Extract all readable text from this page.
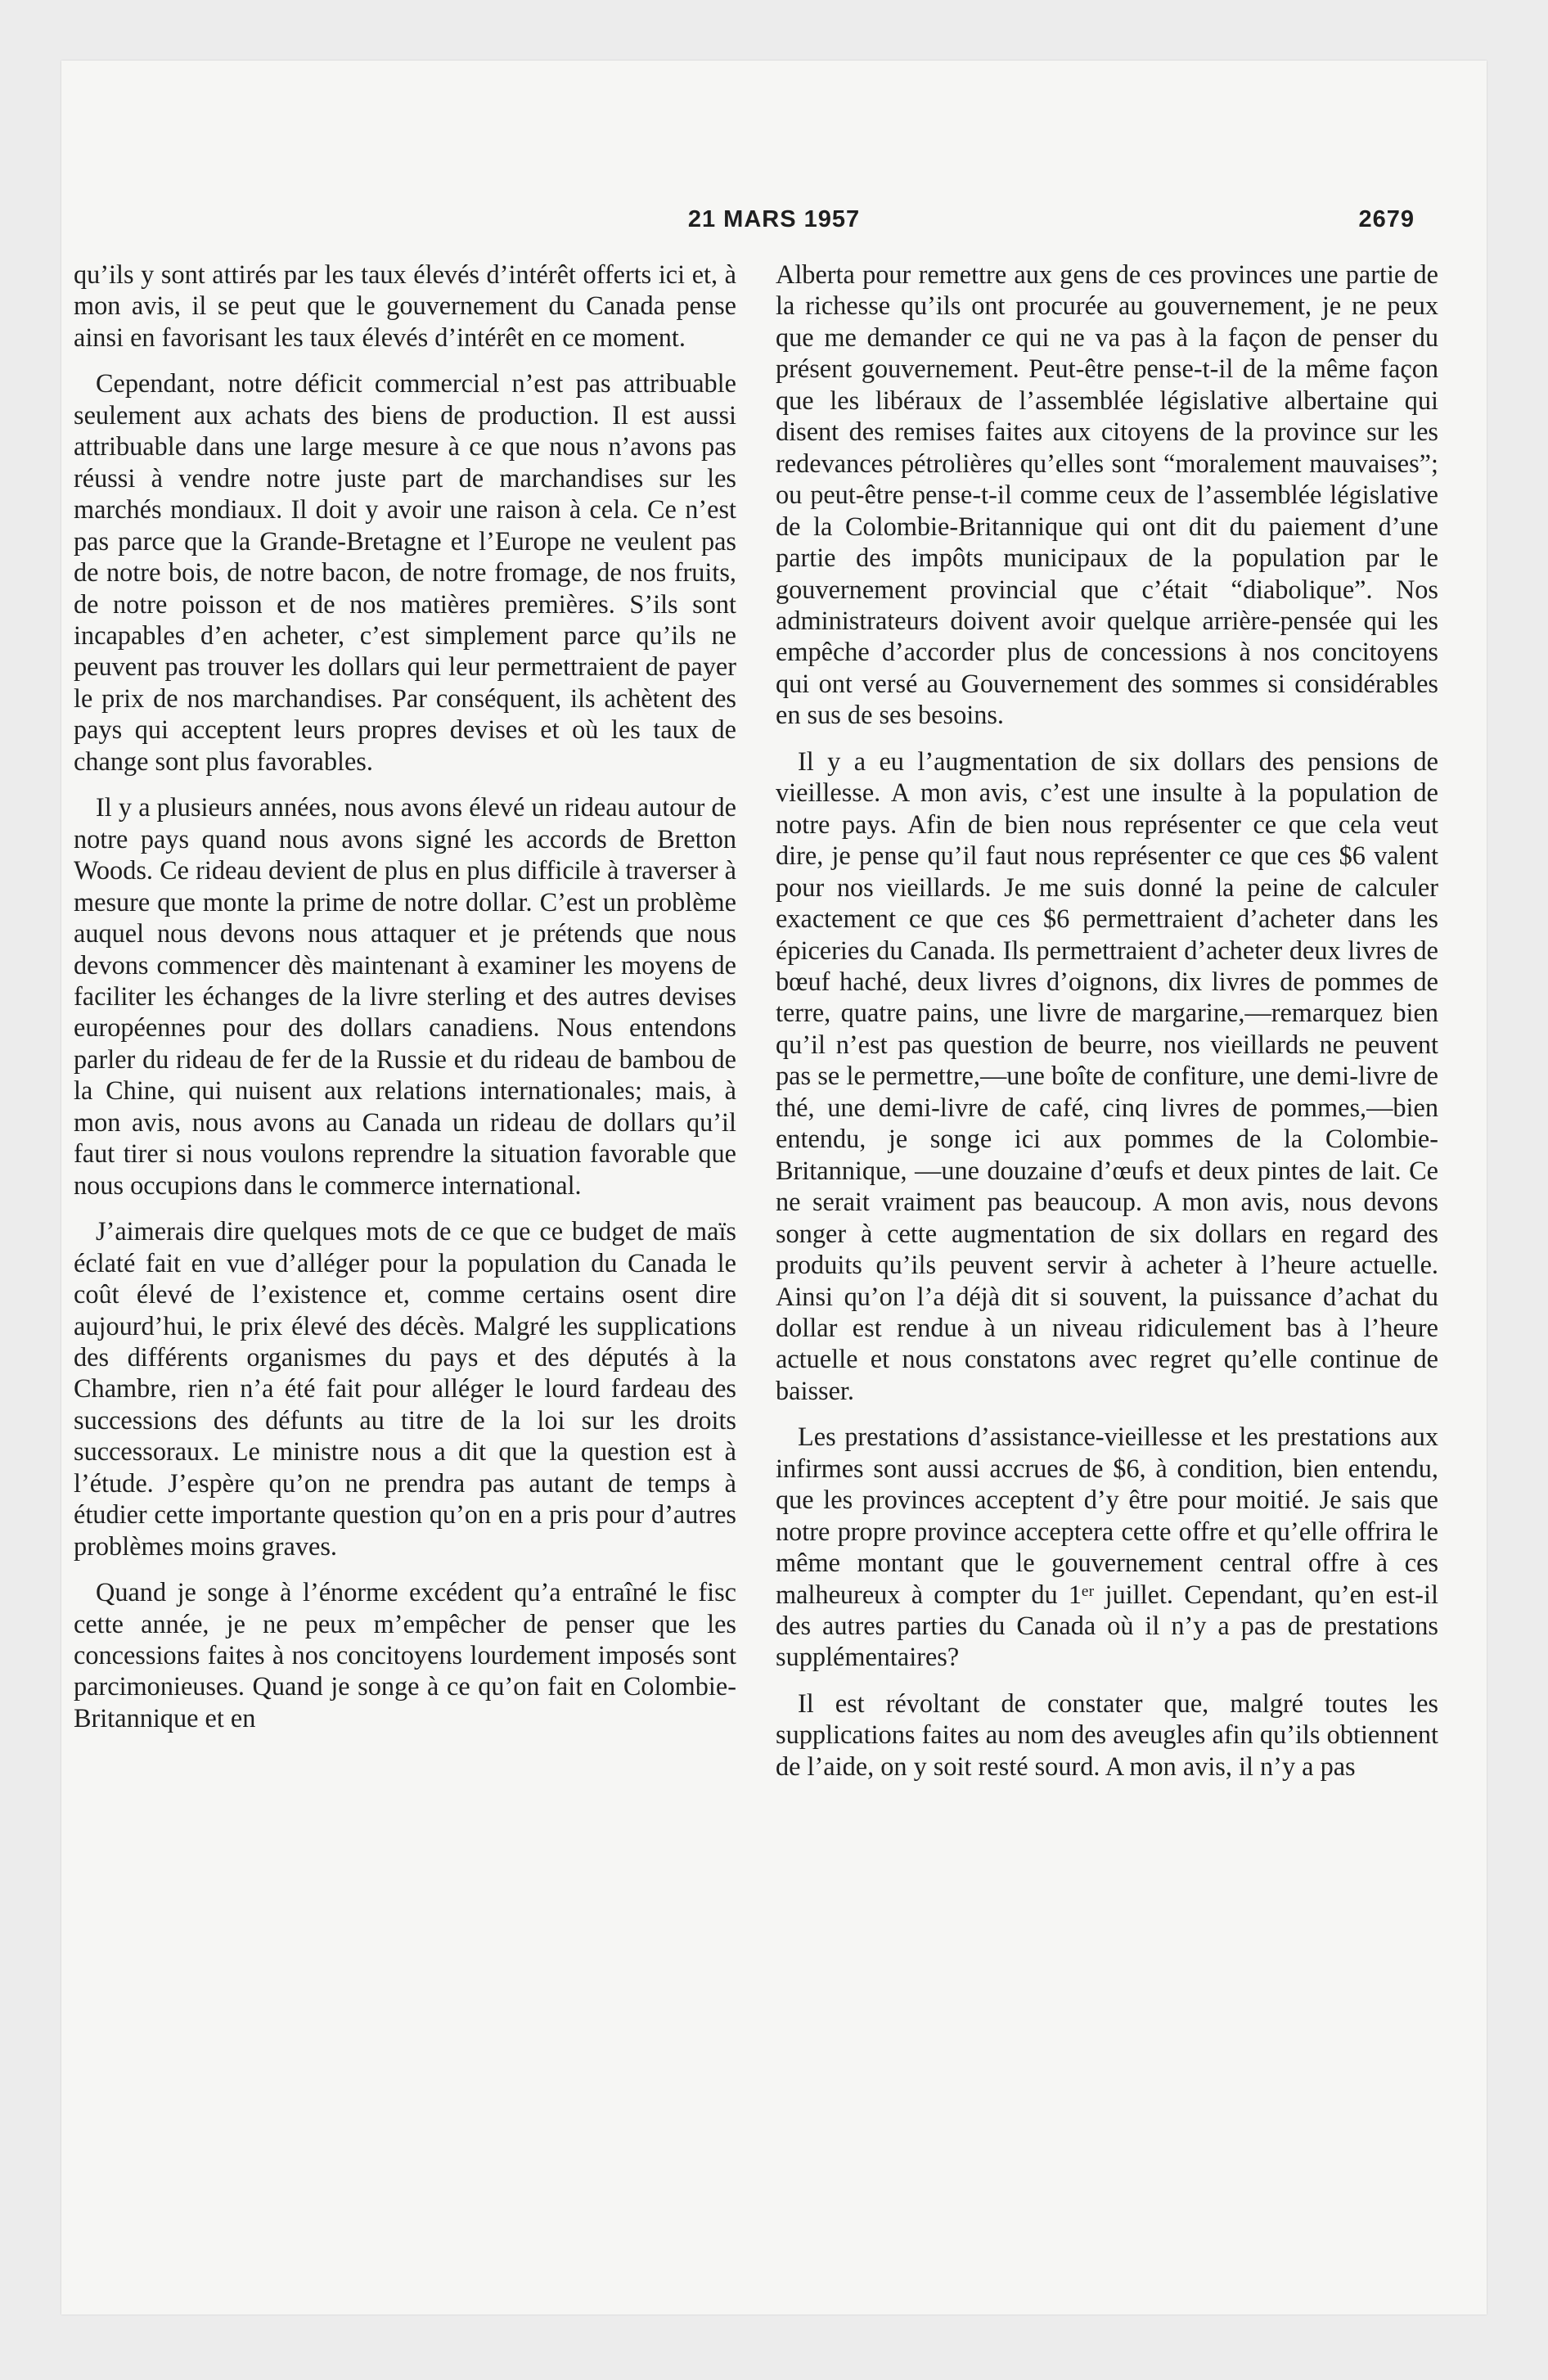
21 MARS 1957	2679

qu’ils y sont attirés par les taux élevés d’intérêt offerts ici et, à mon avis, il se peut que le gouvernement du Canada pense ainsi en favorisant les taux élevés d’intérêt en ce moment.

Cependant, notre déficit commercial n’est pas attribuable seulement aux achats des biens de production. Il est aussi attribuable dans une large mesure à ce que nous n’avons pas réussi à vendre notre juste part de marchandises sur les marchés mondiaux. Il doit y avoir une raison à cela. Ce n’est pas parce que la Grande-Bretagne et l’Europe ne veulent pas de notre bois, de notre bacon, de notre fromage, de nos fruits, de notre poisson et de nos matières premières. S’ils sont incapables d’en acheter, c’est simplement parce qu’ils ne peuvent pas trouver les dollars qui leur permettraient de payer le prix de nos marchandises. Par conséquent, ils achètent des pays qui acceptent leurs propres devises et où les taux de change sont plus favorables.

Il y a plusieurs années, nous avons élevé un rideau autour de notre pays quand nous avons signé les accords de Bretton Woods. Ce rideau devient de plus en plus difficile à traverser à mesure que monte la prime de notre dollar. C’est un problème auquel nous devons nous attaquer et je prétends que nous devons commencer dès maintenant à examiner les moyens de faciliter les échanges de la livre sterling et des autres devises européennes pour des dollars canadiens. Nous entendons parler du rideau de fer de la Russie et du rideau de bambou de la Chine, qui nuisent aux relations internationales; mais, à mon avis, nous avons au Canada un rideau de dollars qu’il faut tirer si nous voulons reprendre la situation favorable que nous occupions dans le commerce international.

J’aimerais dire quelques mots de ce que ce budget de maïs éclaté fait en vue d’alléger pour la population du Canada le coût élevé de l’existence et, comme certains osent dire aujourd’hui, le prix élevé des décès. Malgré les supplications des différents organismes du pays et des députés à la Chambre, rien n’a été fait pour alléger le lourd fardeau des successions des défunts au titre de la loi sur les droits successoraux. Le ministre nous a dit que la question est à l’étude. J’espère qu’on ne prendra pas autant de temps à étudier cette importante question qu’on en a pris pour d’autres problèmes moins graves.

Quand je songe à l’énorme excédent qu’a entraîné le fisc cette année, je ne peux m’empêcher de penser que les concessions faites à nos concitoyens lourdement imposés sont parcimonieuses. Quand je songe à ce qu’on fait en Colombie-Britannique et en

Alberta pour remettre aux gens de ces provinces une partie de la richesse qu’ils ont procurée au gouvernement, je ne peux que me demander ce qui ne va pas à la façon de penser du présent gouvernement. Peut-être pense-t-il de la même façon que les libéraux de l’assemblée législative albertaine qui disent des remises faites aux citoyens de la province sur les redevances pétrolières qu’elles sont “moralement mauvaises”; ou peut-être pense-t-il comme ceux de l’assemblée législative de la Colombie-Britannique qui ont dit du paiement d’une partie des impôts municipaux de la population par le gouvernement provincial que c’était “diabolique”. Nos administrateurs doivent avoir quelque arrière-pensée qui les empêche d’accorder plus de concessions à nos concitoyens qui ont versé au Gouvernement des sommes si considérables en sus de ses besoins.

Il y a eu l’augmentation de six dollars des pensions de vieillesse. A mon avis, c’est une insulte à la population de notre pays. Afin de bien nous représenter ce que cela veut dire, je pense qu’il faut nous représenter ce que ces $6 valent pour nos vieillards. Je me suis donné la peine de calculer exactement ce que ces $6 permettraient d’acheter dans les épiceries du Canada. Ils permettraient d’acheter deux livres de bœuf haché, deux livres d’oignons, dix livres de pommes de terre, quatre pains, une livre de margarine,—remarquez bien qu’il n’est pas question de beurre, nos vieillards ne peuvent pas se le permettre,—une boîte de confiture, une demi-livre de thé, une demi-livre de café, cinq livres de pommes,—bien entendu, je songe ici aux pommes de la Colombie-Britannique, —une douzaine d’œufs et deux pintes de lait. Ce ne serait vraiment pas beaucoup. A mon avis, nous devons songer à cette augmentation de six dollars en regard des produits qu’ils peuvent servir à acheter à l’heure actuelle. Ainsi qu’on l’a déjà dit si souvent, la puissance d’achat du dollar est rendue à un niveau ridiculement bas à l’heure actuelle et nous constatons avec regret qu’elle continue de baisser.

Les prestations d’assistance-vieillesse et les prestations aux infirmes sont aussi accrues de $6, à condition, bien entendu, que les provinces acceptent d’y être pour moitié. Je sais que notre propre province acceptera cette offre et qu’elle offrira le même montant que le gouvernement central offre à ces malheureux à compter du 1ᵉʳ juillet. Cependant, qu’en est-il des autres parties du Canada où il n’y a pas de prestations supplémentaires?

Il est révoltant de constater que, malgré toutes les supplications faites au nom des aveugles afin qu’ils obtiennent de l’aide, on y soit resté sourd. A mon avis, il n’y a pas
